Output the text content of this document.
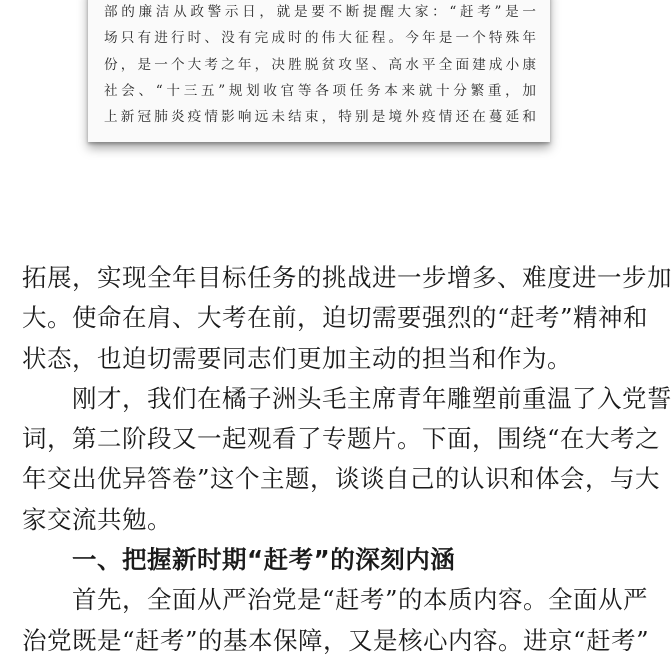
部的廉洁从政警示日，就是要不断提醒大家：“赶考”是一
场只有进行时、没有完成时的伟大征程。今年是一个特殊年
份，是一个大考之年，决胜脱贫攻坚、高水平全面建成小康
社会、“十三五”规划收官等各项任务本来就十分繁重，加
上新冠肺炎疫情影响远未结束，特别是境外疫情还在蔓延和
拓展，实现全年目标任务的挑战进一步增多、难度进一步加
大。使命在肩、大考在前，迫切需要强烈的“赶考”精神和
状态，也迫切需要同志们更加主动的担当和作为。
刚才，我们在橘子洲头毛主席青年雕塑前重温了入党誓
词，第二阶段又一起观看了专题片。下面，围绕“在大考之
年交出优异答卷”这个主题，谈谈自己的认识和体会，与大
家交流共勉。
一、把握新时期“赶考”的深刻内涵
首先，全面从严治党是“赶考”的本质内容。全面从严
治党既是“赶考”的基本保障，又是核心内容。进京“赶考”
